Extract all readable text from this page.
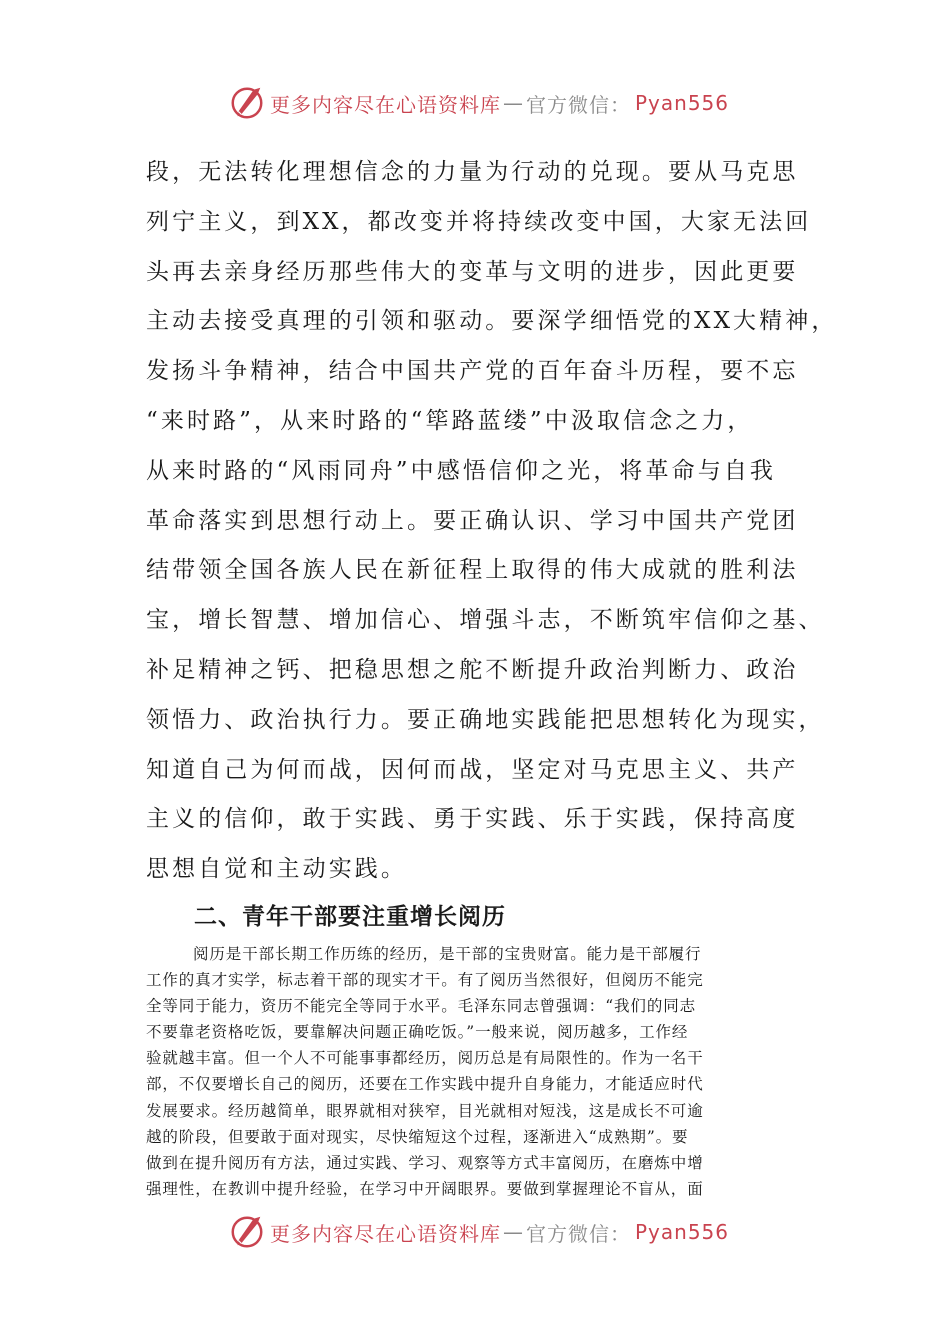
更多内容尽在心语资料库 — 官方微信： Pyan556
段，无法转化理想信念的力量为行动的兑现。要从马克思
列宁主义，到XX，都改变并将持续改变中国，大家无法回
头再去亲身经历那些伟大的变革与文明的进步，因此更要
主动去接受真理的引领和驱动。要深学细悟党的XX大精神，
发扬斗争精神，结合中国共产党的百年奋斗历程，要不忘
“来时路”，从来时路的“筚路蓝缕”中汲取信念之力，
从来时路的“风雨同舟”中感悟信仰之光，将革命与自我
革命落实到思想行动上。要正确认识、学习中国共产党团
结带领全国各族人民在新征程上取得的伟大成就的胜利法
宝，增长智慧、增加信心、增强斗志，不断筑牢信仰之基、
补足精神之钙、把稳思想之舵不断提升政治判断力、政治
领悟力、政治执行力。要正确地实践能把思想转化为现实，
知道自己为何而战，因何而战，坚定对马克思主义、共产
主义的信仰，敢于实践、勇于实践、乐于实践，保持高度
思想自觉和主动实践。
二、青年干部要注重增长阅历
阅历是干部长期工作历练的经历，是干部的宝贵财富。能力是干部履行
工作的真才实学，标志着干部的现实才干。有了阅历当然很好，但阅历不能完
全等同于能力，资历不能完全等同于水平。毛泽东同志曾强调：“我们的同志
不要靠老资格吃饭，要靠解决问题正确吃饭。”一般来说，阅历越多，工作经
验就越丰富。但一个人不可能事事都经历，阅历总是有局限性的。作为一名干
部，不仅要增长自己的阅历，还要在工作实践中提升自身能力，才能适应时代
发展要求。经历越简单，眼界就相对狭窄，目光就相对短浅，这是成长不可逾
越的阶段，但要敢于面对现实，尽快缩短这个过程，逐渐进入“成熟期”。要
做到在提升阅历有方法，通过实践、学习、观察等方式丰富阅历，在磨炼中增
强理性，在教训中提升经验，在学习中开阔眼界。要做到掌握理论不盲从，面
更多内容尽在心语资料库 — 官方微信： Pyan556
